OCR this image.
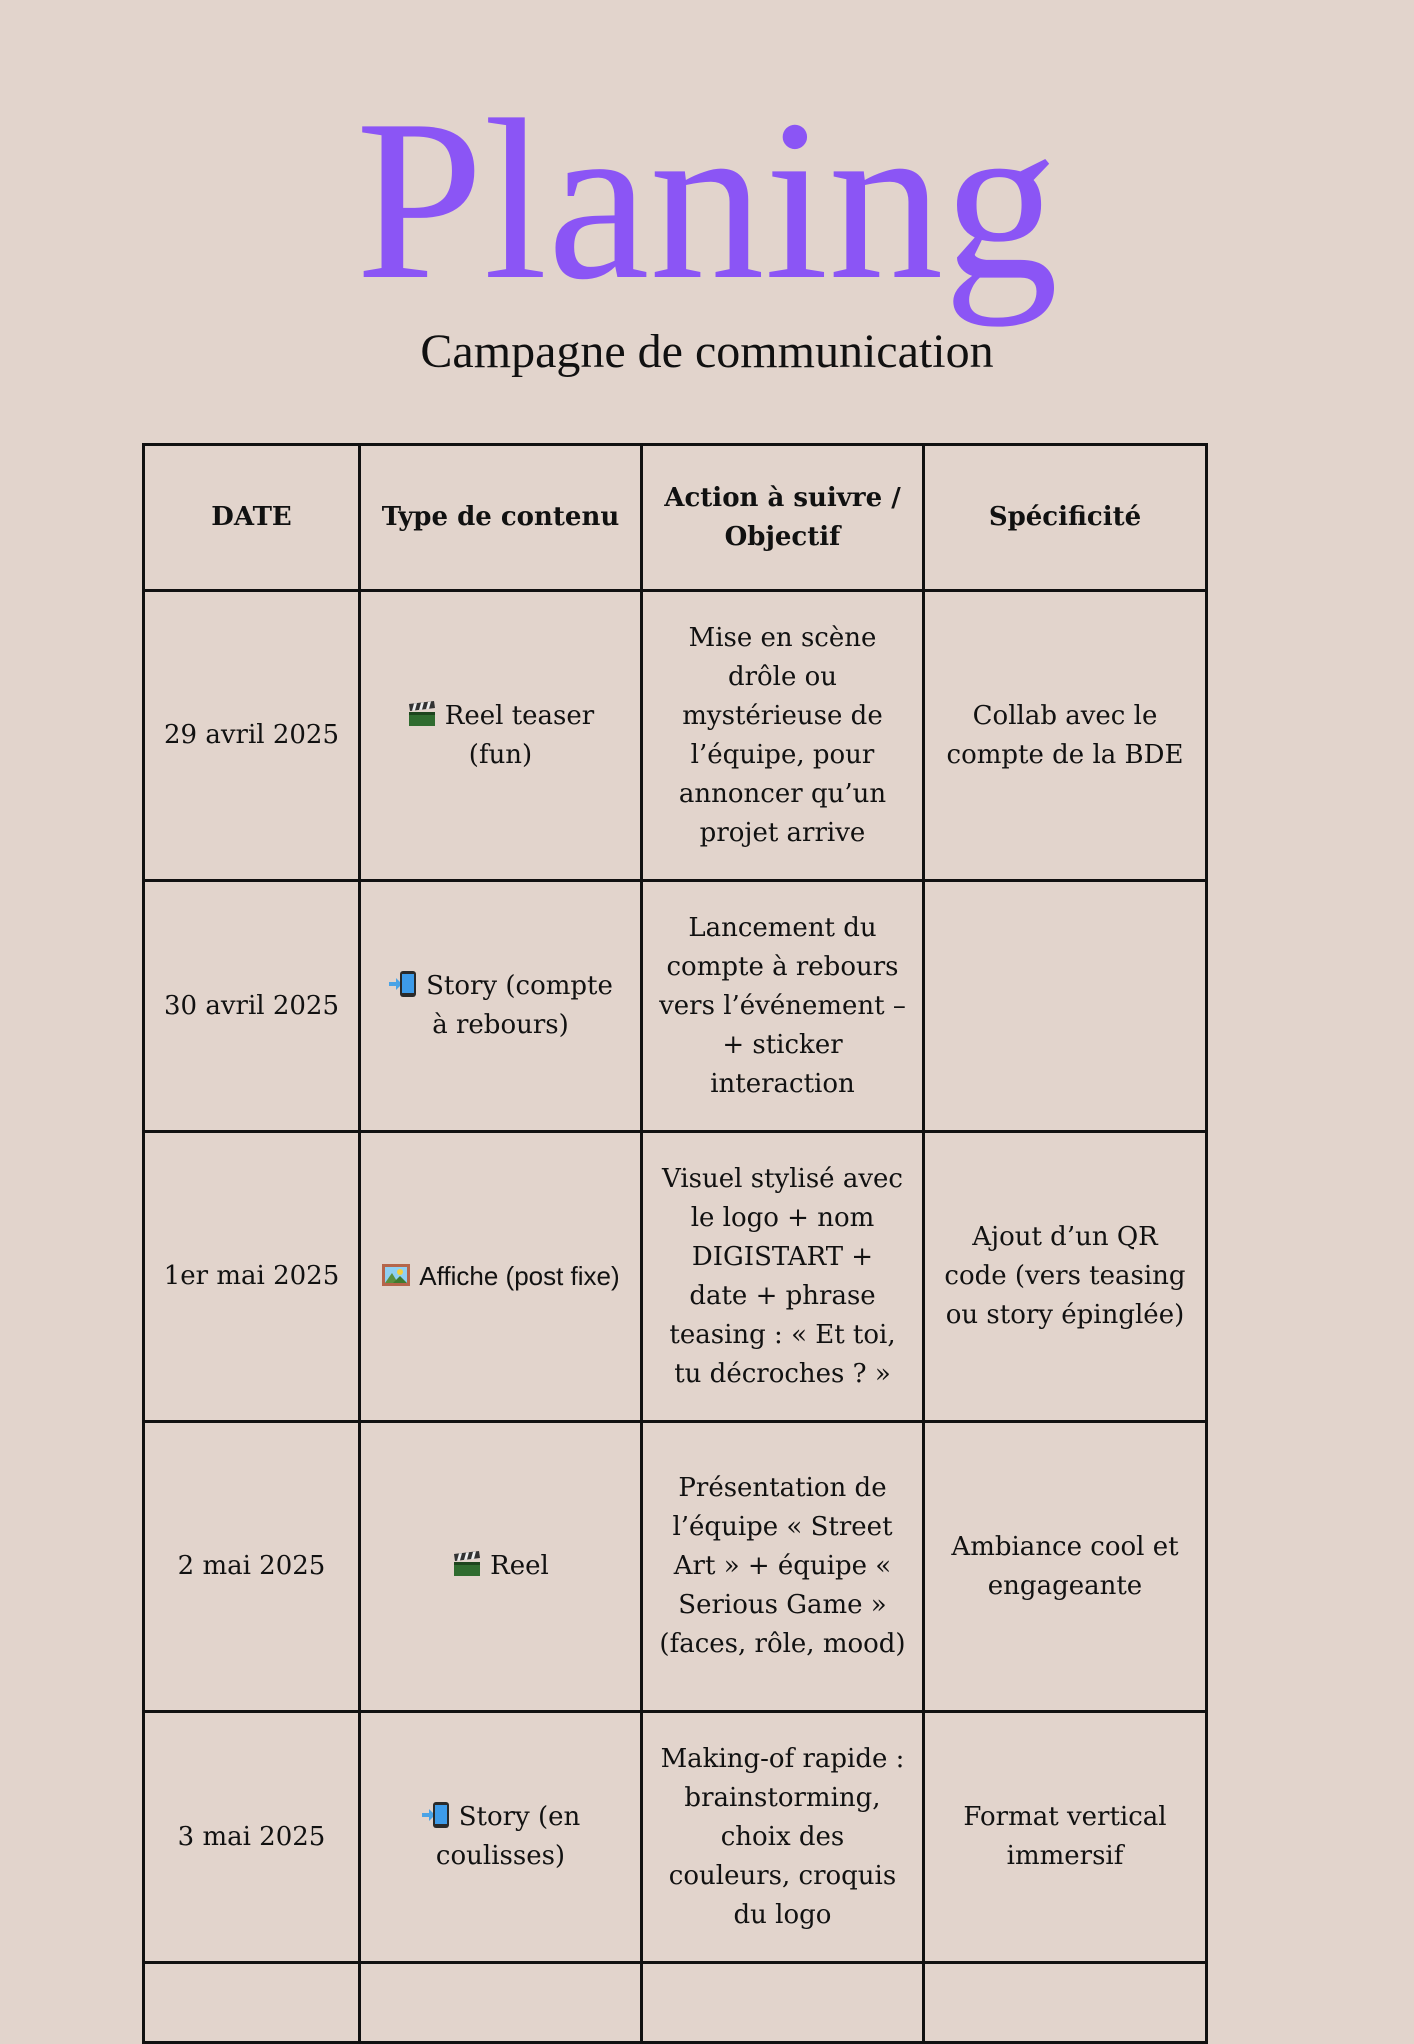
Planing
Campagne de communication
DATE	Type de contenu	Action à suivre / Objectif	Spécificité
29 avril 2025	Reel teaser (fun)	Mise en scène drôle ou mystérieuse de l’équipe, pour annoncer qu’un projet arrive	Collab avec le compte de la BDE
30 avril 2025	Story (compte à rebours)	Lancement du compte à rebours vers l’événement – + sticker interaction	
1er mai 2025	Affiche (post fixe)	Visuel stylisé avec le logo + nom DIGISTART + date + phrase teasing : « Et toi, tu décroches ? »	Ajout d’un QR code (vers teasing ou story épinglée)
2 mai 2025	Reel	Présentation de l’équipe « Street Art » + équipe « Serious Game » (faces, rôle, mood)	Ambiance cool et engageante
3 mai 2025	Story (en coulisses)	Making-of rapide : brainstorming, choix des couleurs, croquis du logo	Format vertical immersif
